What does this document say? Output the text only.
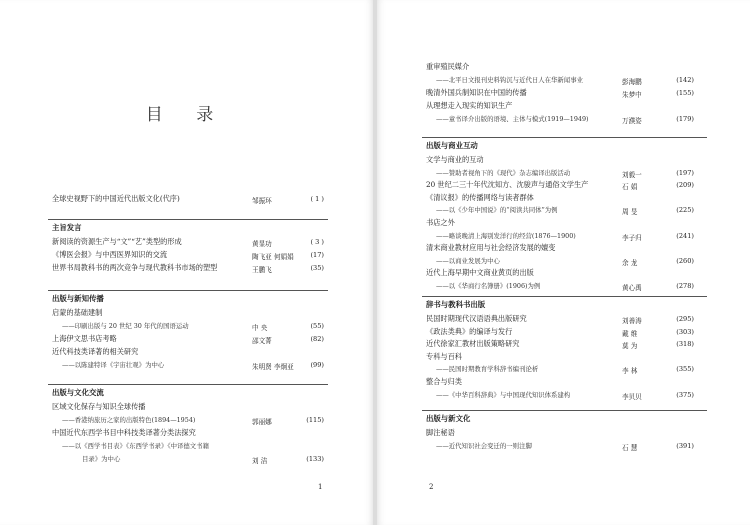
目 录
全球史视野下的中国近代出版文化(代序)	邹振环	( 1 )
主旨发言
新阅读的资源生产与“文”“艺”类型的形成	黄显功	( 3 )
《博医会报》与中西医界知识的交流	陶飞亚 何娟娟	(17)
世界书局教科书的两次竞争与现代教科书市场的塑型	王鹏飞	(35)
出版与新知传播
启蒙的基础建制
——印刷出版与 20 世纪 30 年代的国语运动	中 央	(55)
上海伊文思书店考略	邵文菁	(82)
近代科技类译著的相关研究
——以陈建特译《宇宙壮观》为中心	朱明贤 李炯亚	(99)
出版与文化交流
区域文化保存与知识全球传播
——香港纳旅历之家的出版特色(1894—1954)	郭丽娜	(115)
中国近代东西学书目中科技类译著分类法探究
——以《西学书目表》《东西学书录》《中译德文书籍
目录》为中心	刘 洁	(133)
1
重审殖民媒介
——北平日文报刊史料钩沉与近代日人在华新闻事业	彭海鹏	(142)
晚清外国兵制知识在中国的传播	朱梦中	(155)
从理想走入现实的知识生产
——童书译介出版的语境、主体与模式(1919—1949)	万濮姿	(179)
出版与商业互动
文学与商业的互动
——赞助者视角下的《现代》杂志编译出版活动	刘毅一	(197)
20 世纪二三十年代沈知方、沈骏声与通俗文学生产	石 娟	(209)
《清议报》的传播网络与读者群体
——以《少年中国说》的“阅读共同体”为例	周 旻	(225)
书店之外
——略谈晚清上海别发洋行的经营(1876—1900)	李子归	(241)
清末商业教材应用与社会经济发展的嬗变
——以商业发展为中心	余 龙	(260)
近代上海早期中文商业黄页的出版
——以《华商行名簿册》(1906)为例	黄心禹	(278)
辞书与教科书出版
民国时期现代汉语语典出版研究	刘善涛	(295)
《政法类典》的编译与发行	戴 维	(303)
近代徐家汇教材出版策略研究	莫 为	(318)
专科与百科
——民国时期教育学科辞书编刊论析	李 林	(355)
整合与归类
——《中华百科辞典》与中国现代知识体系建构	李贝贝	(375)
出版与新文化
脚注秘语
——近代知识社会变迁的一则注脚	石 慧	(391)
2
